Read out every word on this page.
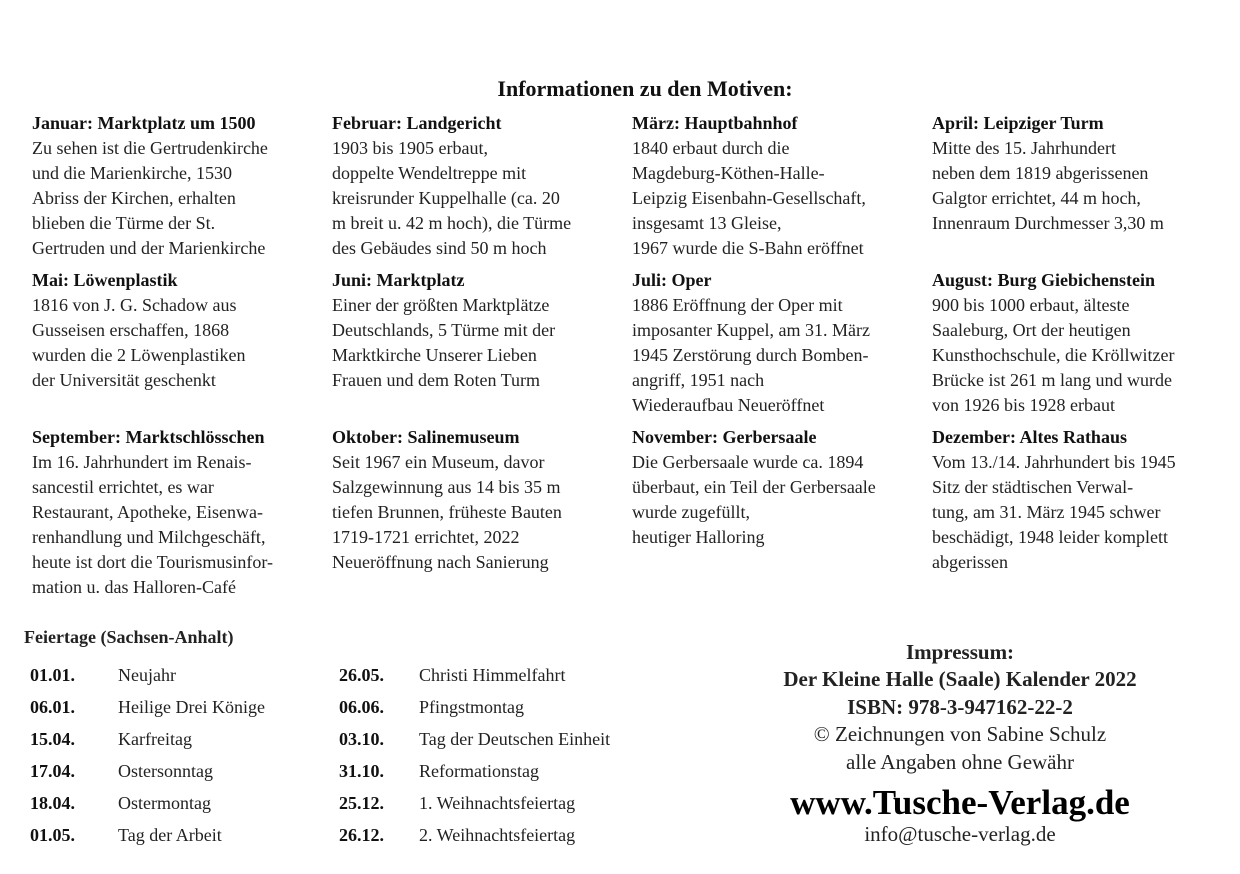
Informationen zu den Motiven:
Januar: Marktplatz um 1500
Zu sehen ist die Gertrudenkirche
und die Marienkirche, 1530
Abriss der Kirchen, erhalten
blieben die Türme der St.
Gertruden und der Marienkirche
Februar: Landgericht
1903 bis 1905 erbaut,
doppelte Wendeltreppe mit
kreisrunder Kuppelhalle (ca. 20
m breit u. 42 m hoch), die Türme
des Gebäudes sind 50 m hoch
März: Hauptbahnhof
1840 erbaut durch die
Magdeburg-Köthen-Halle-
Leipzig Eisenbahn-Gesellschaft,
insgesamt 13 Gleise,
1967 wurde die S-Bahn eröffnet
April: Leipziger Turm
Mitte des 15. Jahrhundert
neben dem 1819 abgerissenen
Galgtor errichtet, 44 m hoch,
Innenraum Durchmesser 3,30 m
Mai: Löwenplastik
1816 von J. G. Schadow aus
Gusseisen erschaffen, 1868
wurden die 2 Löwenplastiken
der Universität geschenkt
Juni: Marktplatz
Einer der größten Marktplätze
Deutschlands, 5 Türme mit der
Marktkirche Unserer Lieben
Frauen und dem Roten Turm
Juli: Oper
1886 Eröffnung der Oper mit
imposanter Kuppel, am 31. März
1945 Zerstörung durch Bomben-
angriff, 1951 nach
Wiederaufbau Neueröffnet
August: Burg Giebichenstein
900 bis 1000 erbaut, älteste
Saaleburg, Ort der heutigen
Kunsthochschule, die Kröllwitzer
Brücke ist 261 m lang und wurde
von 1926 bis 1928 erbaut
September: Marktschlösschen
Im 16. Jahrhundert im Renais-
sancestil errichtet, es war
Restaurant, Apotheke, Eisenwa-
renhandlung und Milchgeschäft,
heute ist dort die Tourismusinfor-
mation u. das Halloren-Café
Oktober: Salinemuseum
Seit 1967 ein Museum, davor
Salzgewinnung aus 14 bis 35 m
tiefen Brunnen, früheste Bauten
1719-1721 errichtet, 2022
Neueröffnung nach Sanierung
November: Gerbersaale
Die Gerbersaale wurde ca. 1894
überbaut, ein Teil der Gerbersaale
wurde zugefüllt,
heutiger Halloring
Dezember: Altes Rathaus
Vom 13./14. Jahrhundert bis 1945
Sitz der städtischen Verwal-
tung, am 31. März 1945 schwer
beschädigt, 1948 leider komplett
abgerissen
Feiertage (Sachsen-Anhalt)
01.01. Neujahr
06.01. Heilige Drei Könige
15.04. Karfreitag
17.04. Ostersonntag
18.04. Ostermontag
01.05. Tag der Arbeit
26.05. Christi Himmelfahrt
06.06. Pfingstmontag
03.10. Tag der Deutschen Einheit
31.10. Reformationstag
25.12. 1. Weihnachtsfeiertag
26.12. 2. Weihnachtsfeiertag
Impressum:
Der Kleine Halle (Saale) Kalender 2022
ISBN: 978-3-947162-22-2
© Zeichnungen von Sabine Schulz
alle Angaben ohne Gewähr
www.Tusche-Verlag.de
info@tusche-verlag.de
